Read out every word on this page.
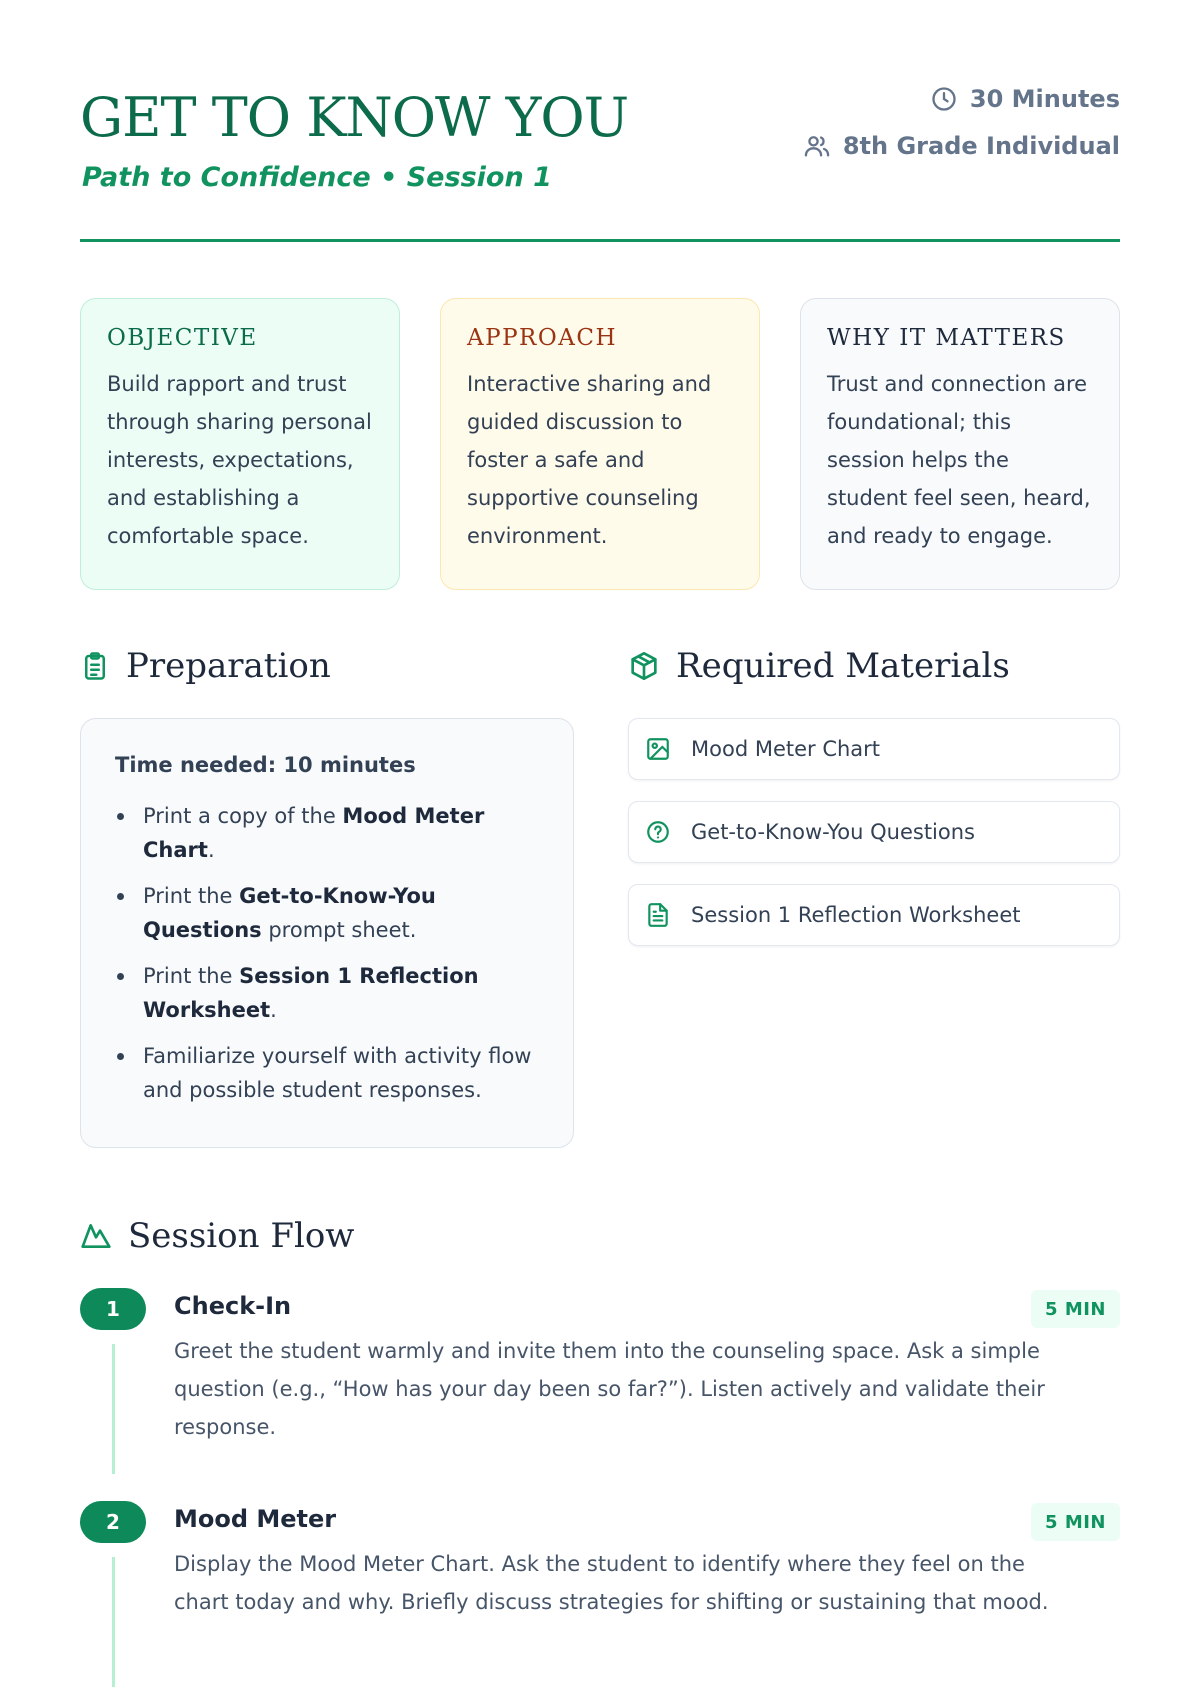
GET TO KNOW YOU
Path to Confidence • Session 1
30 Minutes
8th Grade Individual
OBJECTIVE

Build rapport and trust through sharing personal interests, expectations, and establishing a comfortable space.

APPROACH

Interactive sharing and guided discussion to foster a safe and supportive counseling environment.

WHY IT MATTERS

Trust and connection are foundational; this session helps the student feel seen, heard, and ready to engage.

Preparation
Time needed: 10 minutes
Print a copy of the Mood Meter Chart.
Print the Get-to-Know-You Questions prompt sheet.
Print the Session 1 Reflection Worksheet.
Familiarize yourself with activity flow and possible student responses.
Required Materials
Mood Meter Chart
Get-to-Know-You Questions
Session 1 Reflection Worksheet
Session Flow
1	Check-In	5 MIN
Greet the student warmly and invite them into the counseling space. Ask a simple question (e.g., “How has your day been so far?”). Listen actively and validate their response.
2	Mood Meter	5 MIN
Display the Mood Meter Chart. Ask the student to identify where they feel on the chart today and why. Briefly discuss strategies for shifting or sustaining that mood.
